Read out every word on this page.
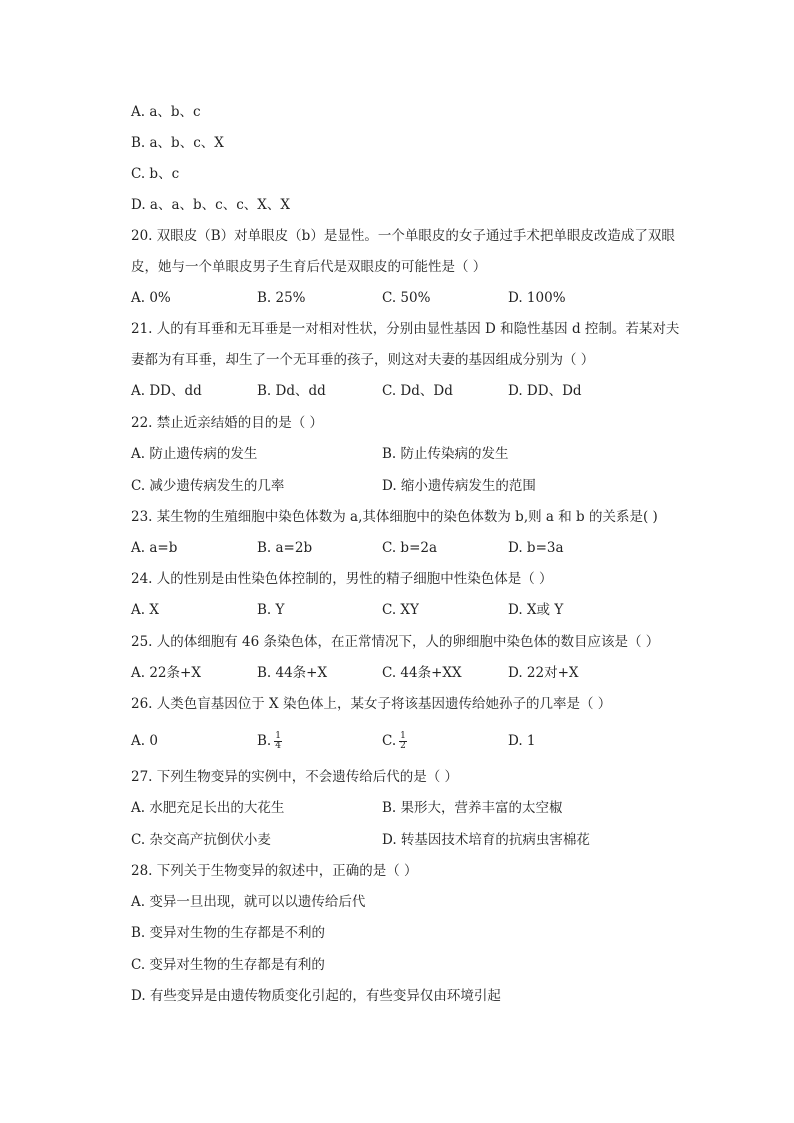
A. a、b、c
B. a、b、c、X
C. b、c
D. a、a、b、c、c、X、X
20. 双眼皮（B）对单眼皮（b）是显性。一个单眼皮的女子通过手术把单眼皮改造成了双眼
皮，她与一个单眼皮男子生育后代是双眼皮的可能性是（ ）
A. 0%	B. 25%	C. 50%	D. 100%
21. 人的有耳垂和无耳垂是一对相对性状，分别由显性基因 D 和隐性基因 d 控制。若某对夫
妻都为有耳垂，却生了一个无耳垂的孩子，则这对夫妻的基因组成分别为（ ）
A. DD、dd	B. Dd、dd	C. Dd、Dd	D. DD、Dd
22. 禁止近亲结婚的目的是（ ）
A. 防止遗传病的发生	B. 防止传染病的发生
C. 减少遗传病发生的几率	D. 缩小遗传病发生的范围
23. 某生物的生殖细胞中染色体数为 a,其体细胞中的染色体数为 b,则 a 和 b 的关系是( )
A. a=b	B. a=2b	C. b=2a	D. b=3a
24. 人的性别是由性染色体控制的，男性的精子细胞中性染色体是（ ）
A. X	B. Y	C. XY	D. X或 Y
25. 人的体细胞有 46 条染色体，在正常情况下，人的卵细胞中染色体的数目应该是（ ）
A. 22条+X	B. 44条+X	C. 44条+XX	D. 22对+X
26. 人类色盲基因位于 X 染色体上，某女子将该基因遗传给她孙子的几率是（ ）
A. 0	B. $\frac{1}{4}$	C. $\frac{1}{2}$	D. 1
27. 下列生物变异的实例中，不会遗传给后代的是（ ）
A. 水肥充足长出的大花生	B. 果形大，营养丰富的太空椒
C. 杂交高产抗倒伏小麦	D. 转基因技术培育的抗病虫害棉花
28. 下列关于生物变异的叙述中，正确的是（ ）
A. 变异一旦出现，就可以以遗传给后代
B. 变异对生物的生存都是不利的
C. 变异对生物的生存都是有利的
D. 有些变异是由遗传物质变化引起的，有些变异仅由环境引起
